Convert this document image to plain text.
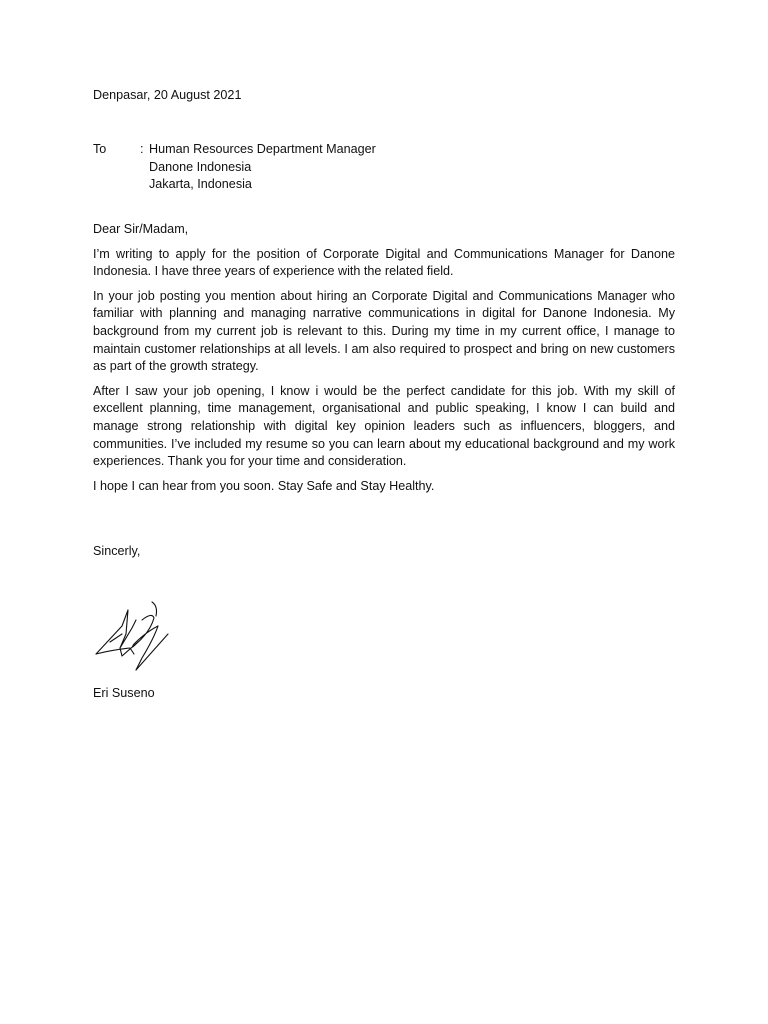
Denpasar, 20 August 2021
To	: Human Resources Department Manager
Danone Indonesia
Jakarta, Indonesia

Dear Sir/Madam,

I’m writing to apply for the position of Corporate Digital and Communications Manager for Danone Indonesia. I have three years of experience with the related field.

In your job posting you mention about hiring an Corporate Digital and Communications Manager who familiar with planning and managing narrative communications in digital for Danone Indonesia. My background from my current job is relevant to this. During my time in my current office, I manage to maintain customer relationships at all levels. I am also required to prospect and bring on new customers as part of the growth strategy.

After I saw your job opening, I know i would be the perfect candidate for this job. With my skill of excellent planning, time management, organisational and public speaking, I know I can build and manage strong relationship with digital key opinion leaders such as influencers, bloggers, and communities. I’ve included my resume so you can learn about my educational background and my work experiences. Thank you for your time and consideration.

I hope I can hear from you soon. Stay Safe and Stay Healthy.

Sincerly,
Eri Suseno
